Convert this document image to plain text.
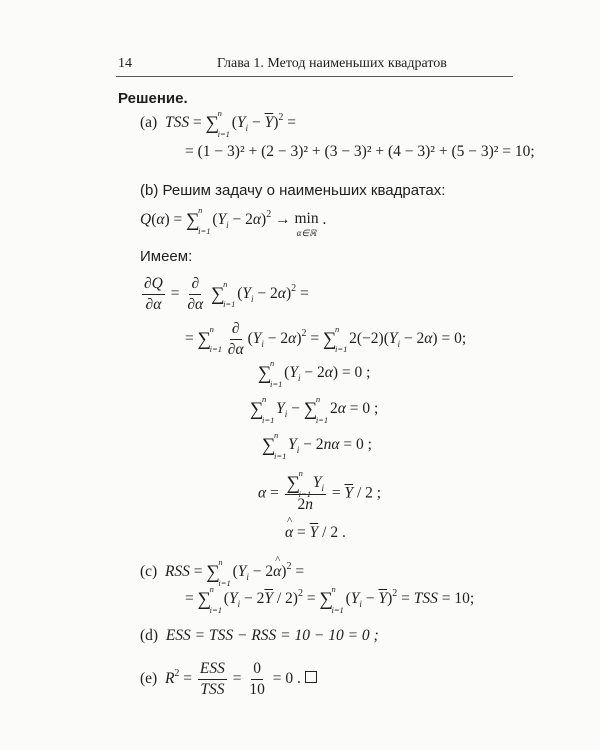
14	Глава 1. Метод наименьших квадратов
Решение.
(a) TSS = ∑
i=1
n
$(Y_i - \overline{Y})^2$ =
= (1 − 3)² + (2 − 3)² + (3 − 3)² + (4 − 3)² + (5 − 3)² = 10;
(b) Решим задачу о наименьших квадратах:
Q(α) = ∑
i=1
n
$(Y_i - 2\alpha)^2 \to \min$
α∈ℝ
.
Имеем:
$\frac{\partial Q}{\partial\alpha} = \frac{\partial}{\partial\alpha}$ ∑
i=1
n
$(Y_i - 2\alpha)^2$ =
= ∑
i=1
n
$\frac{\partial}{\partial\alpha} (Y_i - 2\alpha)^2$ = ∑
i=1
n
$2(-2)(Y_i - 2\alpha) = 0$;
∑
i=1
n
$(Y_i - 2\alpha) = 0$ ;
∑
i=1
n
$Y_i$ − ∑
i=1
n
2α = 0 ;
∑
i=1
n
$Y_i - 2n\alpha = 0$ ;
α = ∑
i=1
n
$Y_i$
$2n = \overline{Y} / 2$ ;
^ $\alpha = \overline{Y} / 2$ .
(c) RSS = ∑
i=1
n
($Y_i$ − 2^ α)$^2$ =
= ∑
i=1
n
$(Y_i - 2\overline{Y} / 2)^2$ = ∑
i=1
n
$(Y_i - \overline{Y})^2$ = TSS = 10;
(d) ESS = TSS − RSS = 10 − 10 = 0 ;
(e) $R^2 = \frac{\text{ESS}}{\text{TSS}} = \frac{0}{10} = 0$ .
